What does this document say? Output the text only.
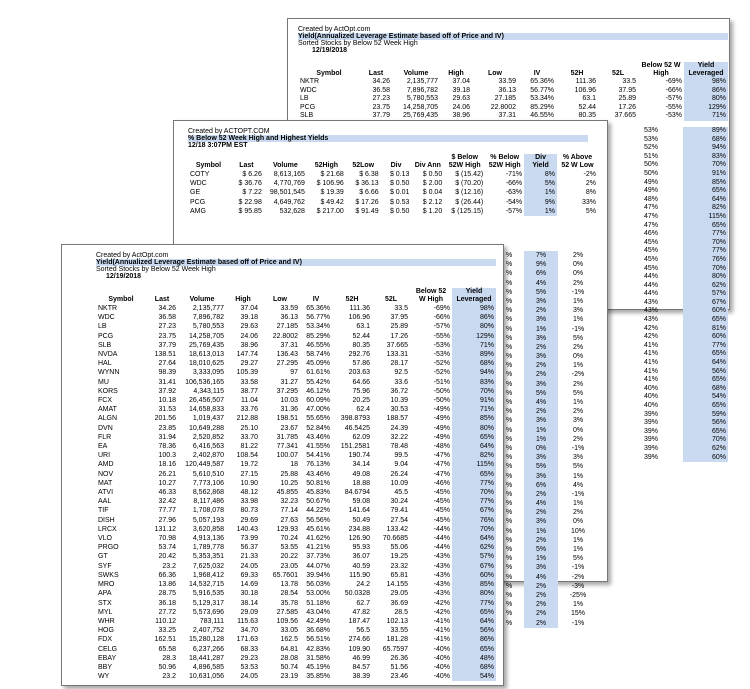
Created by ActOpt.com
Yield(Annualized Leverage Estimate based off of Price and IV)
Sorted Stocks by Below 52 Week High
12/19/2018
Symbol	Last	Volume	High	Low	IV	52H	52L	Below 52 W High	Yield Leveraged
NKTR	34.26	2,135,777	37.04	33.59	65.36%	111.36	33.5	-69%	98%
WDC	36.58	7,896,782	39.18	36.13	56.77%	106.96	37.95	-66%	86%
LB	27.23	5,780,553	29.63	27.185	53.34%	63.1	25.89	-57%	80%
PCG	23.75	14,258,705	24.06	22.8002	85.29%	52.44	17.26	-55%	129%
SLB	37.79	25,769,435	38.96	37.31	46.55%	80.35	37.665	-53%	71%
53%	89%
53%	68%
52%	94%
51%	83%
50%	70%
50%	91%
49%	85%
49%	65%
48%	64%
47%	82%
47%	115%
47%	65%
46%	77%
45%	70%
45%	77%
45%	76%
45%	70%
44%	80%
44%	62%
44%	57%
43%	67%
43%	60%
43%	65%
42%	81%
42%	60%
41%	77%
41%	65%
41%	64%
41%	56%
41%	65%
40%	68%
40%	54%
40%	65%
39%	59%
39%	56%
39%	65%
39%	70%
39%	62%
39%	60%
Created by ACTOPT.COM
% Below 52 Week High and Highest Yields
12/18 3:07PM EST
Symbol	Last	Volume	52High	52Low	Div	Div Ann	$ Below 52W High	% Below 52W High	Div Yield	% Above 52 W Low
COTY	$ 6.26	8,613,165	$ 21.68	$ 6.38	$ 0.13	$ 0.50	$ (15.42)	-71%	8%	-2%
WDC	$ 36.76	4,770,769	$ 106.96	$ 36.13	$ 0.50	$ 2.00	$ (70.20)	-66%	5%	2%
GE	$ 7.22	98,501,545	$ 19.39	$ 6.66	$ 0.01	$ 0.04	$ (12.16)	-63%	1%	8%
PCG	$ 22.98	4,649,762	$ 49.42	$ 17.26	$ 0.53	$ 2.12	$ (26.44)	-54%	9%	33%
AMG	$ 95.85	532,628	$ 217.00	$ 91.49	$ 0.50	$ 1.20	$ (125.15)	-57%	1%	5%
%	7%	2%
%	9%	0%
%	6%	0%
%	4%	2%
%	5%	-1%
%	3%	1%
%	2%	3%
%	3%	1%
%	1%	-1%
%	3%	5%
%	2%	2%
%	3%	0%
%	2%	1%
%	2%	-2%
%	3%	2%
%	5%	5%
%	4%	1%
%	2%	2%
%	3%	3%
%	1%	0%
%	1%	2%
%	0%	-1%
%	3%	3%
%	5%	5%
%	3%	1%
%	6%	4%
%	2%	-1%
%	4%	1%
%	2%	2%
%	3%	0%
%	1%	10%
%	2%	1%
%	5%	1%
%	1%	5%
%	3%	-1%
%	4%	-2%
%	2%	-3%
%	2%	-25%
%	2%	1%
%	2%	15%
%	2%	-1%
Created by ActOpt.com
Yield(Annualized Leverage Estimate based off of Price and IV)
Sorted Stocks by Below 52 Week High
12/19/2018
Symbol	Last	Volume	High	Low	IV	52H	52L	Below 52 W High	Yield Leveraged
NKTR	34.26	2,135,777	37.04	33.59	65.36%	111.36	33.5	-69%	98%
WDC	36.58	7,896,782	39.18	36.13	56.77%	106.96	37.95	-66%	86%
LB	27.23	5,780,553	29.63	27.185	53.34%	63.1	25.89	-57%	80%
PCG	23.75	14,258,705	24.06	22.8002	85.29%	52.44	17.26	-55%	129%
SLB	37.79	25,769,435	38.96	37.31	46.55%	80.35	37.665	-53%	71%
NVDA	138.51	18,613,013	147.74	136.43	58.74%	292.76	133.31	-53%	89%
HAL	27.64	18,010,625	29.27	27.295	45.09%	57.86	28.17	-52%	68%
WYNN	98.39	3,333,095	105.39	97	61.61%	203.63	92.5	-52%	94%
MU	31.41	106,536,165	33.58	31.27	55.42%	64.66	33.6	-51%	83%
KORS	37.92	4,343,115	38.77	37.295	46.12%	75.96	36.72	-50%	70%
FCX	10.18	26,456,507	11.04	10.03	60.09%	20.25	10.39	-50%	91%
AMAT	31.53	14,658,833	33.76	31.36	47.00%	62.4	30.53	-49%	71%
ALGN	201.56	1,019,437	212.88	198.51	55.65%	398.8793	188.57	-49%	85%
DVN	23.85	10,649,288	25.10	23.67	52.84%	46.5425	24.39	-49%	80%
FLR	31.94	2,520,852	33.70	31.785	43.46%	62.09	32.22	-49%	65%
EA	78.36	6,416,563	81.22	77.341	41.55%	151.2581	78.48	-48%	64%
URI	100.3	2,402,870	108.54	100.07	54.41%	190.74	99.5	-47%	82%
AMD	18.16	120,449,587	19.72	18	76.13%	34.14	9.04	-47%	115%
NOV	26.21	5,610,510	27.15	25.88	43.46%	49.08	26.24	-47%	65%
MAT	10.27	7,773,106	10.90	10.25	50.81%	18.88	10.09	-46%	77%
ATVI	46.33	8,562,868	48.12	45.855	45.83%	84.6794	45.5	-45%	70%
AAL	32.42	8,117,486	33.98	32.23	50.67%	59.08	30.24	-45%	77%
TIF	77.77	1,708,078	80.73	77.14	44.22%	141.64	79.41	-45%	67%
DISH	27.96	5,057,193	29.69	27.63	56.56%	50.49	27.54	-45%	76%
LRCX	131.12	3,620,858	140.43	129.93	45.61%	234.88	133.42	-44%	70%
VLO	70.98	4,913,136	73.99	70.24	41.62%	126.90	70.6685	-44%	64%
PRGO	53.74	1,789,778	56.37	53.55	41.21%	95.93	55.06	-44%	62%
GT	20.42	5,353,351	21.33	20.22	37.73%	36.07	19.25	-43%	57%
SYF	23.2	7,625,032	24.05	23.05	44.07%	40.59	23.32	-43%	67%
SWKS	66.36	1,968,412	69.33	65.7601	39.94%	115.90	65.81	-43%	60%
MRO	13.86	14,532,715	14.69	13.78	56.03%	24.2	14.155	-43%	85%
APA	28.75	5,916,535	30.18	28.54	53.00%	50.0328	29.05	-43%	80%
STX	36.18	5,129,317	38.14	35.78	51.18%	62.7	36.69	-42%	77%
MYL	27.72	5,573,696	29.09	27.585	43.04%	47.82	28.5	-42%	65%
WHR	110.12	783,111	115.63	109.56	42.49%	187.47	102.13	-41%	64%
HOG	33.25	2,407,752	34.70	33.05	36.68%	56.5	33.55	-41%	56%
FDX	162.51	15,280,128	171.63	162.5	56.51%	274.66	181.28	-41%	86%
CELG	65.58	6,237,266	68.33	64.81	42.83%	109.90	65.7597	-40%	65%
EBAY	28.3	18,441,287	29.23	28.08	31.58%	46.99	26.36	-40%	48%
BBY	50.96	4,896,585	53.53	50.74	45.19%	84.57	51.56	-40%	68%
WY	23.2	10,631,056	24.05	23.19	35.85%	38.39	23.46	-40%	54%
